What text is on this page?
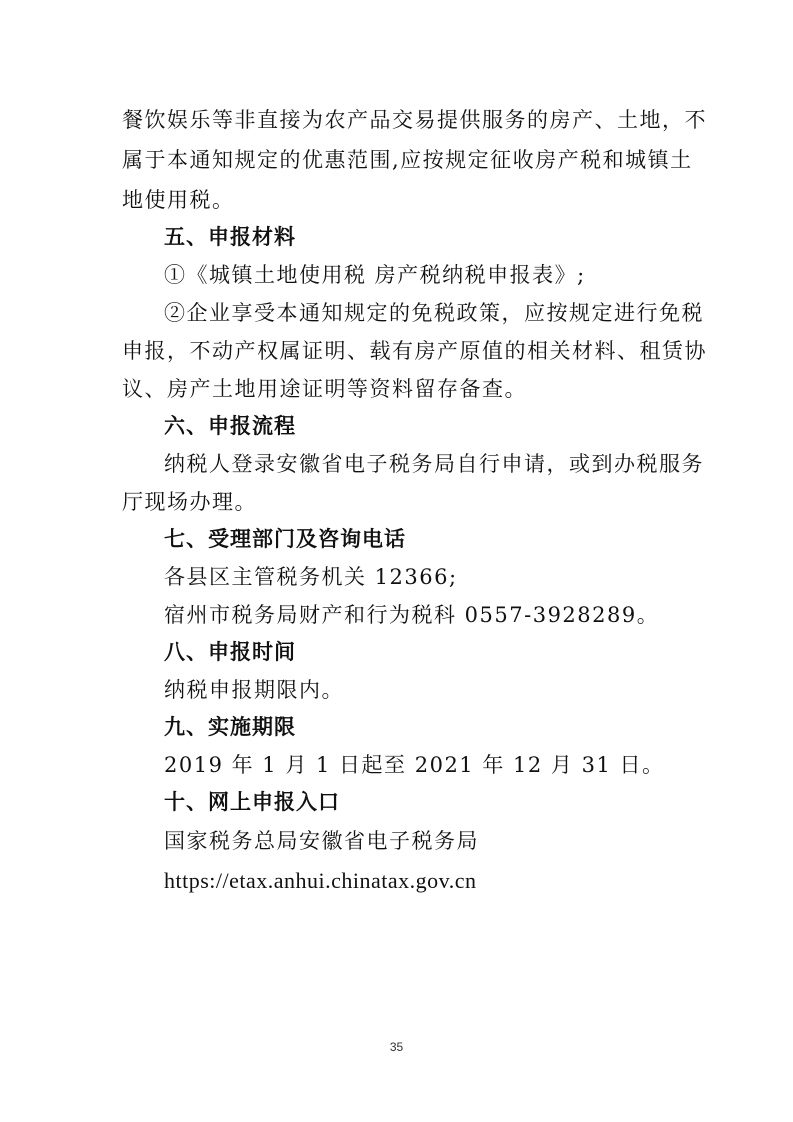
餐饮娱乐等非直接为农产品交易提供服务的房产、土地，不
属于本通知规定的优惠范围,应按规定征收房产税和城镇土
地使用税。
五、申报材料
①《城镇土地使用税 房产税纳税申报表》;
②企业享受本通知规定的免税政策，应按规定进行免税
申报，不动产权属证明、载有房产原值的相关材料、租赁协
议、房产土地用途证明等资料留存备查。
六、申报流程
纳税人登录安徽省电子税务局自行申请，或到办税服务
厅现场办理。
七、受理部门及咨询电话
各县区主管税务机关 12366;
宿州市税务局财产和行为税科 0557-3928289。
八、申报时间
纳税申报期限内。
九、实施期限
2019 年 1 月 1 日起至 2021 年 12 月 31 日。
十、网上申报入口
国家税务总局安徽省电子税务局
https://etax.anhui.chinatax.gov.cn
35
